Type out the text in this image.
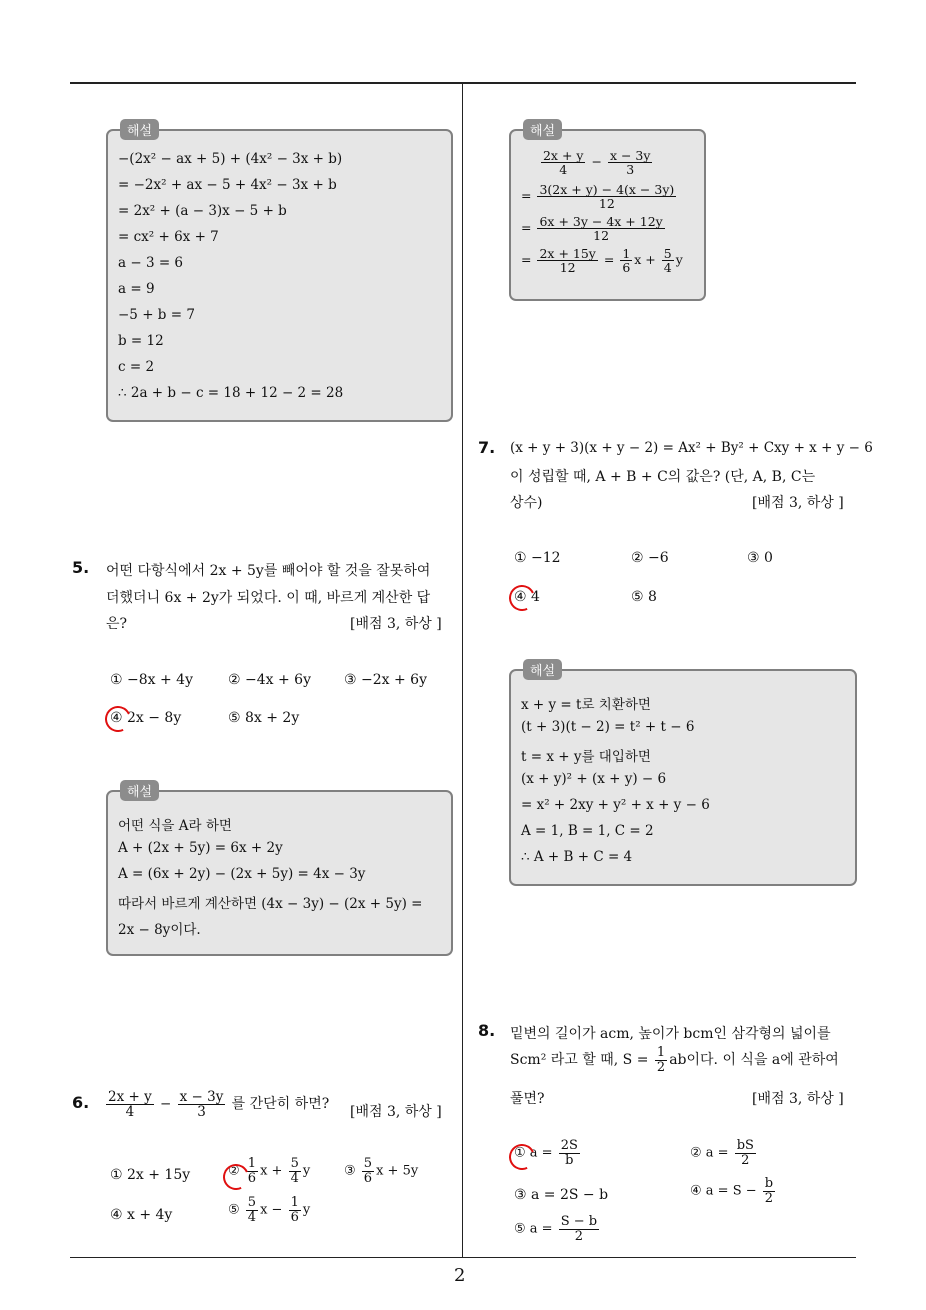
해설
−(2x² − ax + 5) + (4x² − 3x + b)
= −2x² + ax − 5 + 4x² − 3x + b
= 2x² + (a − 3)x − 5 + b
= cx² + 6x + 7
a − 3 = 6
a = 9
−5 + b = 7
b = 12
c = 2
∴ 2a + b − c = 18 + 12 − 2 = 28
5. 어떤 다항식에서 2x + 5y를 빼어야 할 것을 잘못하여
더했더니 6x + 2y가 되었다. 이 때, 바르게 계산한 답
은?	[배점 3, 하상 ]
① −8x + 4y	② −4x + 6y ③ −2x + 6y
④ 2x − 8y	⑤ 8x + 2y
해설
어떤 식을 A라 하면
A + (2x + 5y) = 6x + 2y
A = (6x + 2y) − (2x + 5y) = 4x − 3y
따라서 바르게 계산하면 (4x − 3y) − (2x + 5y) =
2x − 8y이다.
6. $\frac{2x + y}{4} - \frac{x - 3y}{3}$ 를 간단히 하면? [배점 3, 하상 ]
① 2x + 15y	② $\frac{1}{6}$ $x + \frac{5}{4}$ y	③ $\frac{5}{6}$ x + 5y
④ x + 4y	⑤ $\frac{5}{4}$ $x - \frac{1}{6}$ y
해설

$\frac{2x + y}{4} - \frac{x - 3y}{3}$
= $\frac{3(2x + y) - 4(x - 3y)}{12}$
= $\frac{6x + 3y - 4x + 12y}{12}$
= $\frac{2x + 15y}{12} = \frac{1}{6}$ $x + \frac{5}{4}$ y
7. (x + y + 3)(x + y − 2) = Ax² + By² + Cxy + x + y − 6
이 성립할 때, A + B + C의 값은? (단, A, B, C는
상수)	[배점 3, 하상 ]
① −12	② −6	③ 0
④ 4	⑤ 8
해설
x + y = t로 치환하면
(t + 3)(t − 2) = t² + t − 6
t = x + y를 대입하면
(x + y)² + (x + y) − 6
= x² + 2xy + y² + x + y − 6
A = 1, B = 1, C = 2
∴ A + B + C = 4
8. 밑변의 길이가 acm, 높이가 bcm인 삼각형의 넓이를
Scm² 라고 할 때, $S = \frac{1}{2}$ ab이다. 이 식을 a에 관하여
풀면?	[배점 3, 하상 ]
① $a = \frac{2S}{b}$	② $a = \frac{bS}{2}$
③ a = 2S − b	④ $a = S - \frac{b}{2}$
⑤ $a = \frac{S - b}{2}$
2
